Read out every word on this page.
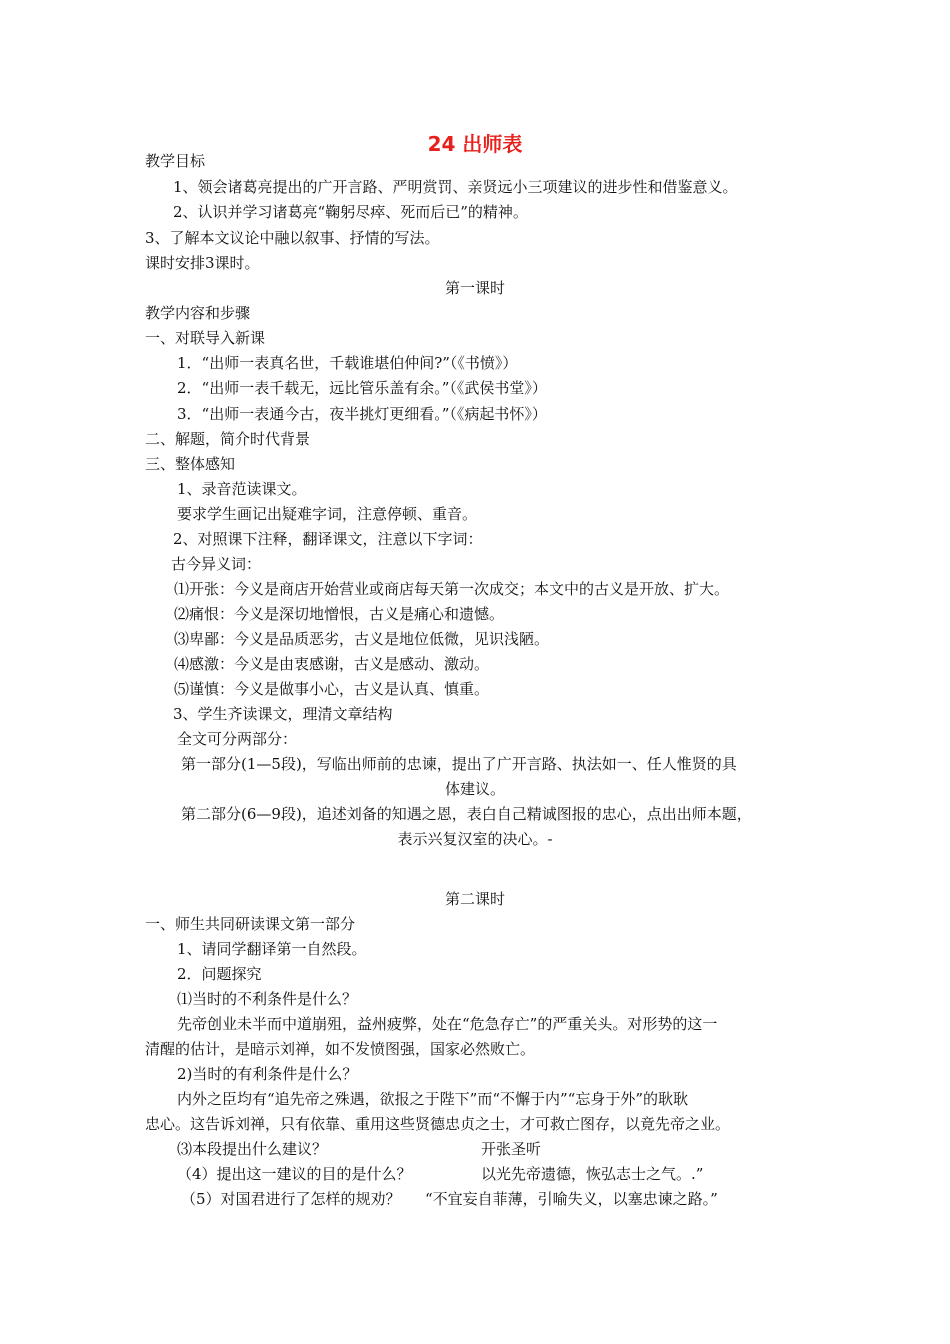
24 出师表
教学目标
1、领会诸葛亮提出的广开言路、严明赏罚、亲贤远小三项建议的进步性和借鉴意义。
2、认识并学习诸葛亮“鞠躬尽瘁、死而后已”的精神。
3、了解本文议论中融以叙事、抒情的写法。
课时安排3课时。
第一课时
教学内容和步骤
一、对联导入新课
1．“出师一表真名世，千载谁堪伯仲间?”（《书愤》）
2．“出师一表千载无，远比管乐盖有余。”（《武侯书堂》）
3．“出师一表通今古，夜半挑灯更细看。”（《病起书怀》）
二、解题，简介时代背景
三、整体感知
1、录音范读课文。
要求学生画记出疑难字词，注意停顿、重音。
2、对照课下注释，翻译课文，注意以下字词：
古今异义词：
⑴开张：今义是商店开始营业或商店每天第一次成交；本文中的古义是开放、扩大。
⑵痛恨：今义是深切地憎恨，古义是痛心和遗憾。
⑶卑鄙：今义是品质恶劣，古义是地位低微，见识浅陋。
⑷感激：今义是由衷感谢，古义是感动、激动。
⑸谨慎：今义是做事小心，古义是认真、慎重。
3、学生齐读课文，理清文章结构
全文可分两部分：
第一部分(1—5段)，写临出师前的忠谏，提出了广开言路、执法如一、任人惟贤的具
体建议。
第二部分(6—9段)，追述刘备的知遇之恩，表白自己精诚图报的忠心，点出出师本题，
表示兴复汉室的决心。-
第二课时
一、师生共同研读课文第一部分
1、请同学翻译第一自然段。
2．问题探究
⑴当时的不利条件是什么？
先帝创业未半而中道崩殂，益州疲弊，处在“危急存亡”的严重关头。对形势的这一
清醒的估计，是暗示刘禅，如不发愤图强，国家必然败亡。
2)当时的有利条件是什么？
内外之臣均有“追先帝之殊遇，欲报之于陛下”而“不懈于内”“忘身于外”的耿耿
忠心。这告诉刘禅，只有依靠、重用这些贤德忠贞之士，才可救亡图存，以竟先帝之业。
⑶本段提出什么建议？	开张圣听
（4）提出这一建议的目的是什么？	以光先帝遗德，恢弘志士之气。.”
（5）对国君进行了怎样的规劝？ “不宜妄自菲薄，引喻失义，以塞忠谏之路。”
